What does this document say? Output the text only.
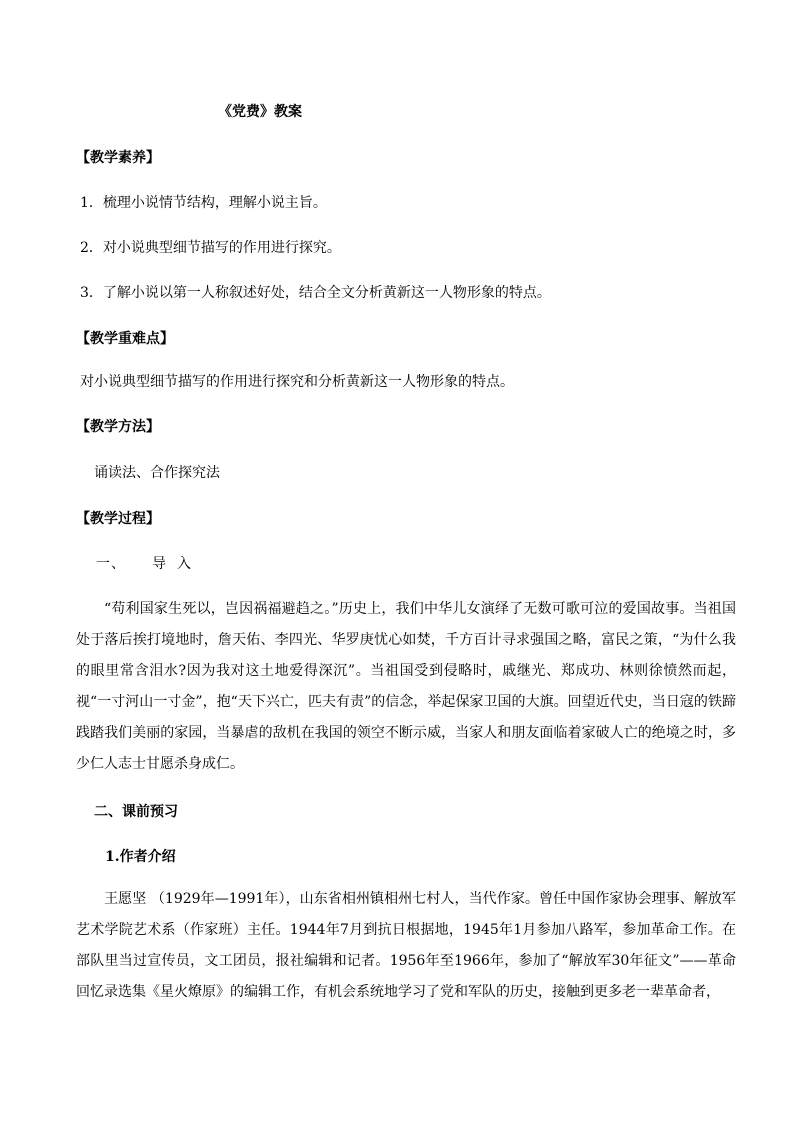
《党费》教案
【教学素养】
1．梳理小说情节结构，理解小说主旨。
2．对小说典型细节描写的作用进行探究。
3．了解小说以第一人称叙述好处，结合全文分析黄新这一人物形象的特点。
【教学重难点】
对小说典型细节描写的作用进行探究和分析黄新这一人物形象的特点。
【教学方法】
诵读法、合作探究法
【教学过程】
一、 导 入
“苟利国家生死以，岂因祸福避趋之。”历史上，我们中华儿女演绎了无数可歌可泣的爱国故事。当祖国处于落后挨打境地时，詹天佑、李四光、华罗庚忧心如焚，千方百计寻求强国之略，富民之策，“为什么我的眼里常含泪水?因为我对这土地爱得深沉”。当祖国受到侵略时，戚继光、郑成功、林则徐愤然而起，视“一寸河山一寸金”，抱“天下兴亡，匹夫有责”的信念，举起保家卫国的大旗。回望近代史，当日寇的铁蹄践踏我们美丽的家园，当暴虐的敌机在我国的领空不断示威，当家人和朋友面临着家破人亡的绝境之时，多少仁人志士甘愿杀身成仁。
二、课前预习
1.作者介绍
王愿坚 （1929年—1991年），山东省相州镇相州七村人，当代作家。曾任中国作家协会理事、解放军艺术学院艺术系（作家班）主任。1944年7月到抗日根据地，1945年1月参加八路军，参加革命工作。在部队里当过宣传员，文工团员，报社编辑和记者。1956年至1966年，参加了“解放军30年征文”——革命回忆录选集《星火燎原》的编辑工作，有机会系统地学习了党和军队的历史，接触到更多老一辈革命者，
